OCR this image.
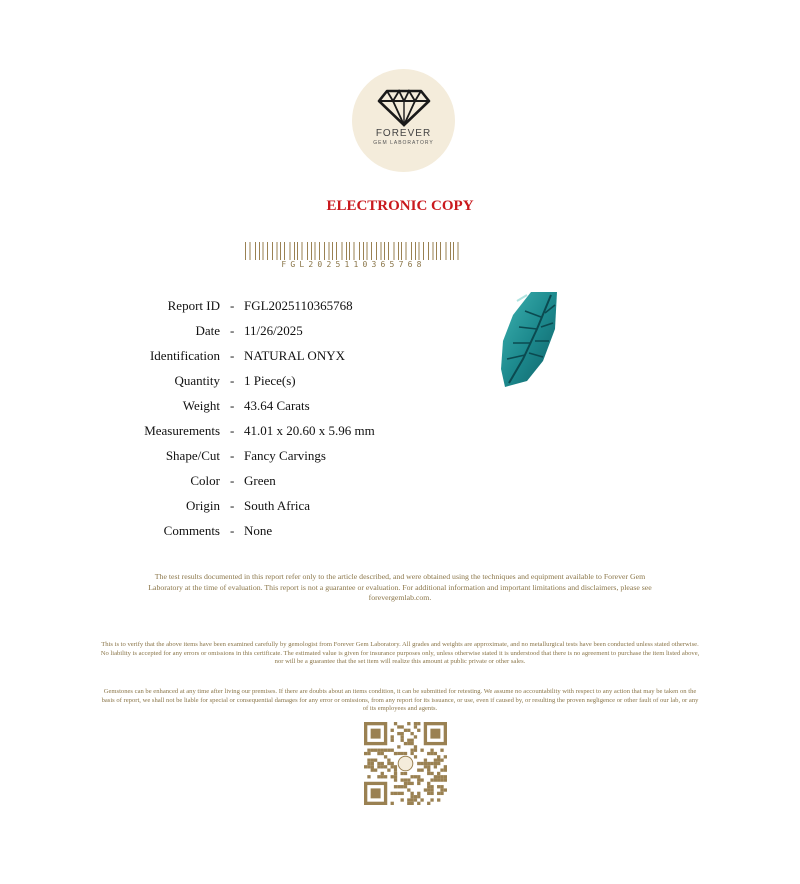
FOREVER
GEM LABORATORY
ELECTRONIC COPY
FGL2025110365768
Report ID - FGL2025110365768
Date - 11/26/2025
Identification - NATURAL ONYX
Quantity - 1 Piece(s)
Weight - 43.64 Carats
Measurements - 41.01 x 20.60 x 5.96 mm
Shape/Cut - Fancy Carvings
Color - Green
Origin - South Africa
Comments - None
The test results documented in this report refer only to the article described, and were obtained using the techniques and equipment available to Forever Gem Laboratory at the time of evaluation. This report is not a guarantee or evaluation. For additional information and important limitations and disclaimers, please see forevergemlab.com.
This is to verify that the above items have been examined carefully by gemologist from Forever Gem Laboratory. All grades and weights are approximate, and no metallurgical tests have been conducted unless stated otherwise. No liability is accepted for any errors or omissions in this certificate. The estimated value is given for insurance purposes only, unless otherwise stated it is understood that there is no agreement to purchase the item listed above, nor will be a guarantee that the set item will realize this amount at public private or other sales.
Gemstones can be enhanced at any time after living our premises. If there are doubts about an items condition, it can be submitted for retesting. We assume no accountability with respect to any action that may be taken on the basis of report, we shall not be liable for special or consequential damages for any error or omissions, from any report for its issuance, or use, even if caused by, or resulting the proven negligence or other fault of our lab, or any of its employees and agents.
